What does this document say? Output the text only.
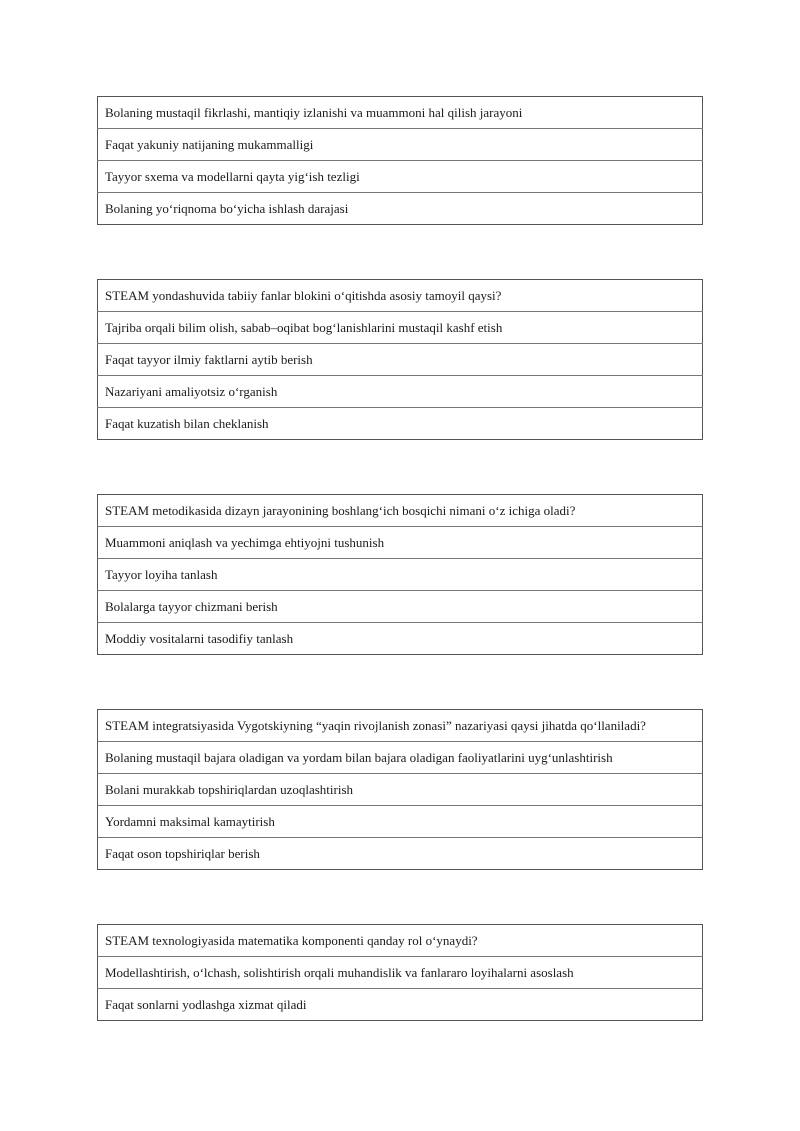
Bolaning mustaqil fikrlashi, mantiqiy izlanishi va muammoni hal qilish jarayoni
Faqat yakuniy natijaning mukammalligi
Tayyor sxema va modellarni qayta yig‘ish tezligi
Bolaning yo‘riqnoma bo‘yicha ishlash darajasi
STEAM yondashuvida tabiiy fanlar blokini o‘qitishda asosiy tamoyil qaysi?
Tajriba orqali bilim olish, sabab–oqibat bog‘lanishlarini mustaqil kashf etish
Faqat tayyor ilmiy faktlarni aytib berish
Nazariyani amaliyotsiz o‘rganish
Faqat kuzatish bilan cheklanish
STEAM metodikasida dizayn jarayonining boshlang‘ich bosqichi nimani o‘z ichiga oladi?
Muammoni aniqlash va yechimga ehtiyojni tushunish
Tayyor loyiha tanlash
Bolalarga tayyor chizmani berish
Moddiy vositalarni tasodifiy tanlash
STEAM integratsiyasida Vygotskiyning “yaqin rivojlanish zonasi” nazariyasi qaysi jihatda qo‘llaniladi?
Bolaning mustaqil bajara oladigan va yordam bilan bajara oladigan faoliyatlarini uyg‘unlashtirish
Bolani murakkab topshiriqlardan uzoqlashtirish
Yordamni maksimal kamaytirish
Faqat oson topshiriqlar berish
STEAM texnologiyasida matematika komponenti qanday rol o‘ynaydi?
Modellashtirish, o‘lchash, solishtirish orqali muhandislik va fanlararo loyihalarni asoslash
Faqat sonlarni yodlashga xizmat qiladi
